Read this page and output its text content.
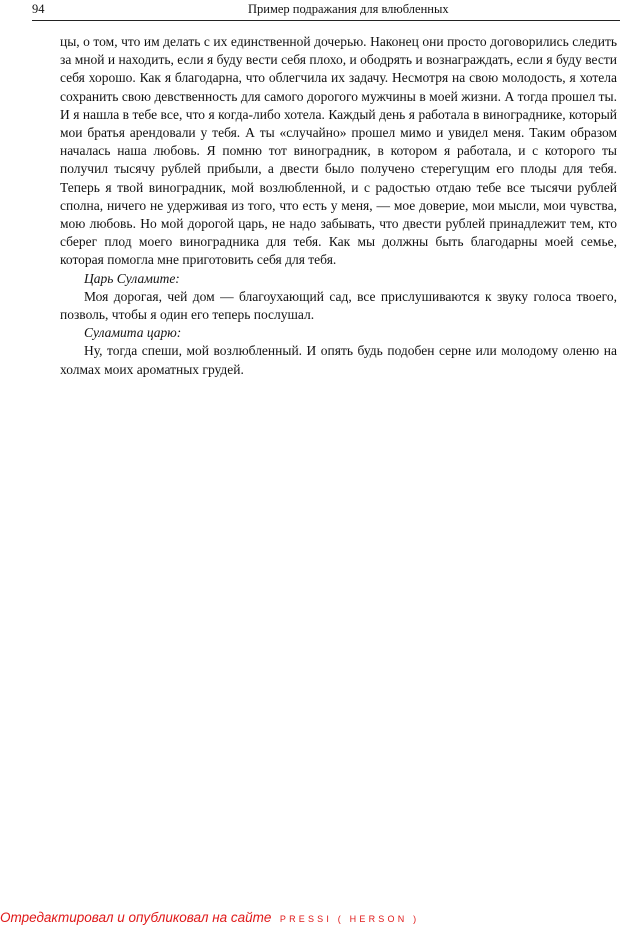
94	Пример подражания для влюбленных

цы, о том, что им делать с их единственной дочерью. Наконец они просто договорились следить за мной и находить, если я буду вести себя плохо, и ободрять и вознаграждать, если я буду вести себя хорошо. Как я благодарна, что облегчила их задачу. Несмотря на свою молодость, я хотела сохранить свою девственность для самого дорогого мужчины в моей жизни. А тогда прошел ты. И я нашла в тебе все, что я когда-либо хотела. Каждый день я работала в винограднике, который мои братья арендовали у тебя. А ты «случайно» прошел мимо и увидел меня. Таким образом началась наша любовь. Я помню тот виноградник, в котором я работала, и с которого ты получил тысячу рублей прибыли, а двести было получено стерегущим его плоды для тебя. Теперь я твой виноградник, мой возлюбленной, и с радостью отдаю тебе все тысячи рублей сполна, ничего не удерживая из того, что есть у меня, — мое доверие, мои мысли, мои чувства, мою любовь. Но мой дорогой царь, не надо забывать, что двести рублей принадлежит тем, кто сберег плод моего виноградника для тебя. Как мы должны быть благодарны моей семье, которая помогла мне приготовить себя для тебя.

Царь Суламите:

Моя дорогая, чей дом — благоухающий сад, все прислушиваются к звуку голоса твоего, позволь, чтобы я один его теперь послушал.

Суламита царю:

Ну, тогда спеши, мой возлюбленный. И опять будь подобен серне или молодому оленю на холмах моих ароматных грудей.

Отредактировал и опубликовал на сайте PRESSI ( HERSON )
